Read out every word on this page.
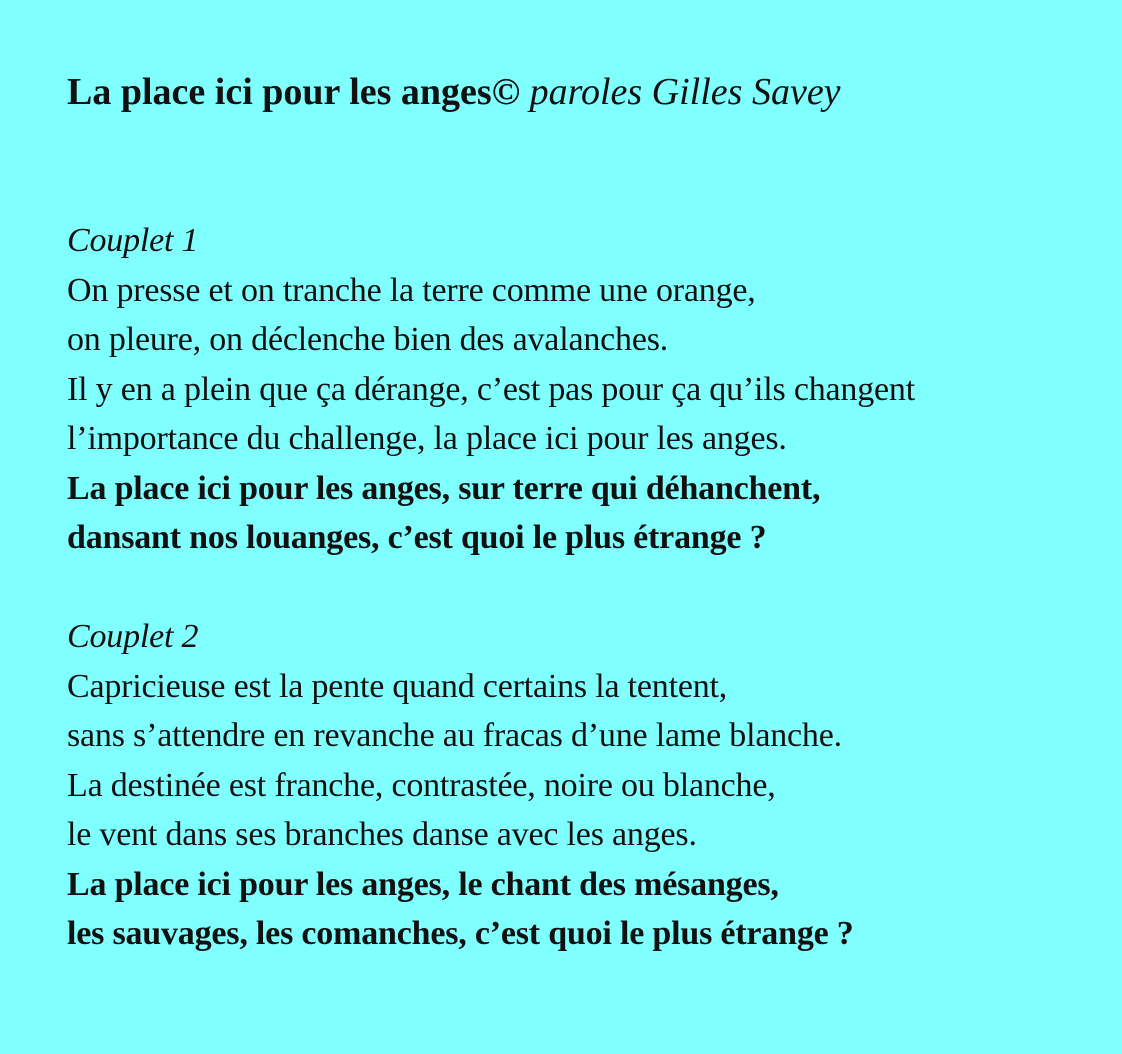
La place ici pour les anges© paroles Gilles Savey
Couplet 1
On presse et on tranche la terre comme une orange,
on pleure, on déclenche bien des avalanches.
Il y en a plein que ça dérange, c’est pas pour ça qu’ils changent
l’importance du challenge, la place ici pour les anges.
La place ici pour les anges, sur terre qui déhanchent,
dansant nos louanges, c’est quoi le plus étrange ?
Couplet 2
Capricieuse est la pente quand certains la tentent,
sans s’attendre en revanche au fracas d’une lame blanche.
La destinée est franche, contrastée, noire ou blanche,
le vent dans ses branches danse avec les anges.
La place ici pour les anges, le chant des mésanges,
les sauvages, les comanches, c’est quoi le plus étrange ?
